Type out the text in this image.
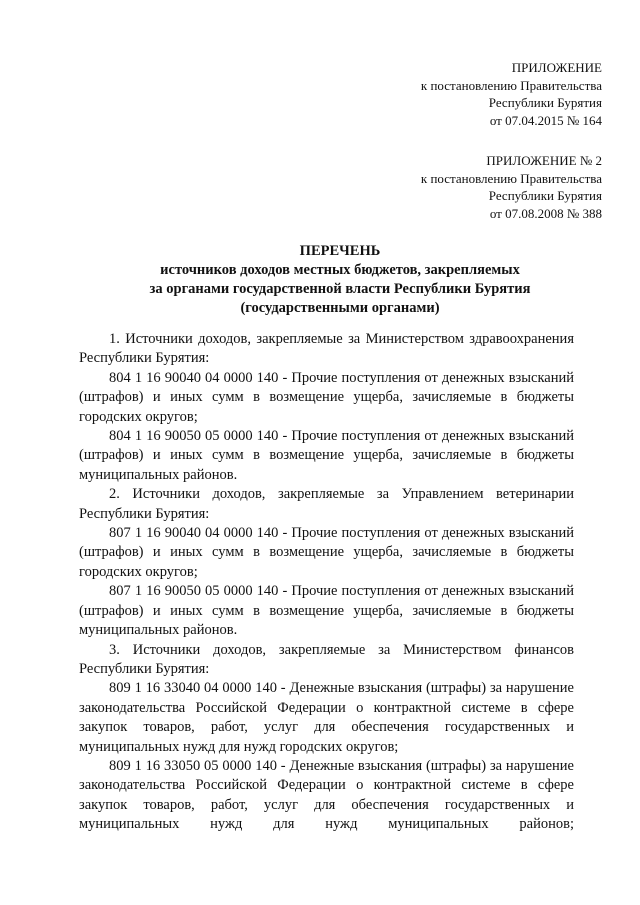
ПРИЛОЖЕНИЕ
к постановлению Правительства
Республики Бурятия
от 07.04.2015 № 164
ПРИЛОЖЕНИЕ № 2
к постановлению Правительства
Республики Бурятия
от 07.08.2008 № 388
ПЕРЕЧЕНЬ
источников доходов местных бюджетов, закрепляемых
за органами государственной власти Республики Бурятия
(государственными органами)

1. Источники доходов, закрепляемые за Министерством здравоохранения Республики Бурятия:

804 1 16 90040 04 0000 140 - Прочие поступления от денежных взысканий (штрафов) и иных сумм в возмещение ущерба, зачисляемые в бюджеты городских округов;

804 1 16 90050 05 0000 140 - Прочие поступления от денежных взысканий (штрафов) и иных сумм в возмещение ущерба, зачисляемые в бюджеты муниципальных районов.

2. Источники доходов, закрепляемые за Управлением ветеринарии Республики Бурятия:

807 1 16 90040 04 0000 140 - Прочие поступления от денежных взысканий (штрафов) и иных сумм в возмещение ущерба, зачисляемые в бюджеты городских округов;

807 1 16 90050 05 0000 140 - Прочие поступления от денежных взысканий (штрафов) и иных сумм в возмещение ущерба, зачисляемые в бюджеты муниципальных районов.

3. Источники доходов, закрепляемые за Министерством финансов Республики Бурятия:

809 1 16 33040 04 0000 140 - Денежные взыскания (штрафы) за нарушение законодательства Российской Федерации о контрактной системе в сфере закупок товаров, работ, услуг для обеспечения государственных и муниципальных нужд для нужд городских округов;

809 1 16 33050 05 0000 140 - Денежные взыскания (штрафы) за нарушение законодательства Российской Федерации о контрактной системе в сфере закупок товаров, работ, услуг для обеспечения государственных и муниципальных нужд для нужд муниципальных районов;
